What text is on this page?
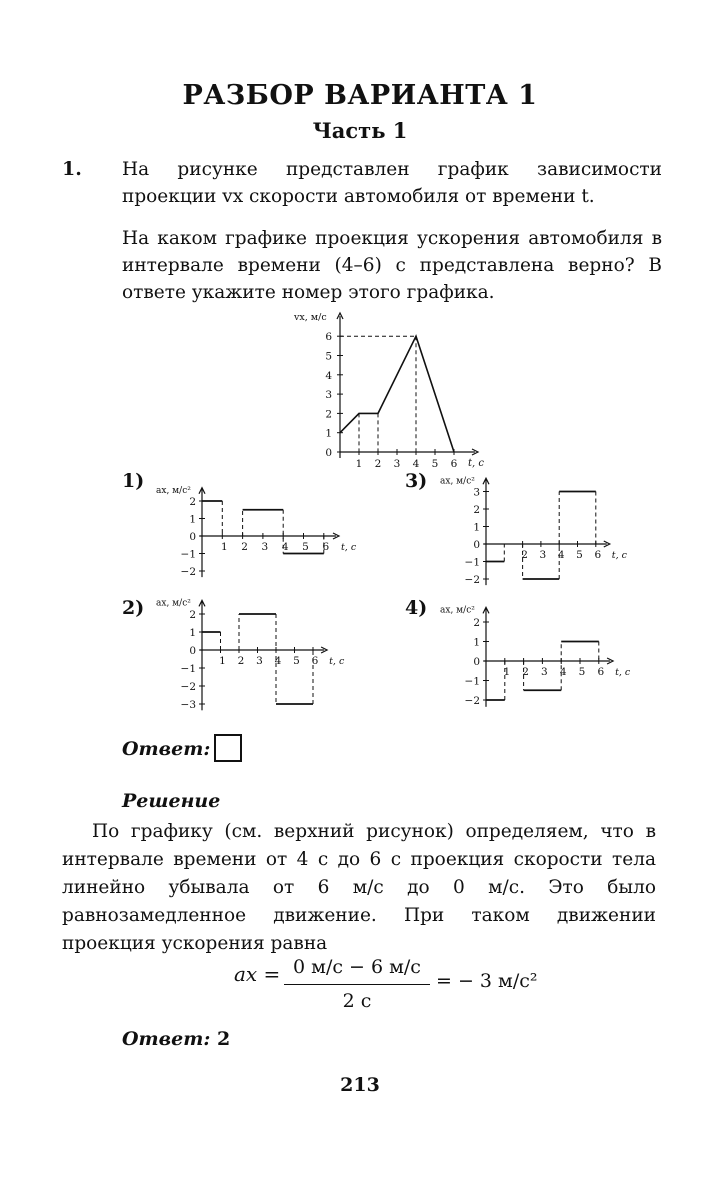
РАЗБОР ВАРИАНТА 1
Часть 1
1. На рисунке представлен график зависимости проекции vx скорости автомобиля от времени t.
На каком графике проекция ускорения автомобиля в интервале времени (4–6) с представлена верно? В ответе укажите номер этого графика.
0
1
2
3
4
5
6
1 2 3 4 5 6
vx, м/с
t, с
1) ax, м/с²
t, с
2
1
0
−1
−2
1 2 3 4 5 6
3) ax, м/с²
t, с
3
2
1
0
−1
−2
2 3 4 5 6
2) ax, м/с²
t, с
2
1
0
−1
−2
−3
1 2 3 4 5 6
4) ax, м/с²
t, с
2
1
0
−1
−2
1 2 3 4 5 6
Ответ:
Решение
По графику (см. верхний рисунок) определяем, что в интервале времени от 4 с до 6 с проекция скорости тела линейно убывала от 6 м/с до 0 м/с. Это было равнозамедленное движение. При таком движении проекция ускорения равна
ax = 0 м/с − 6 м/с
2 с
= − 3 м/с²
Ответ: 2
213
